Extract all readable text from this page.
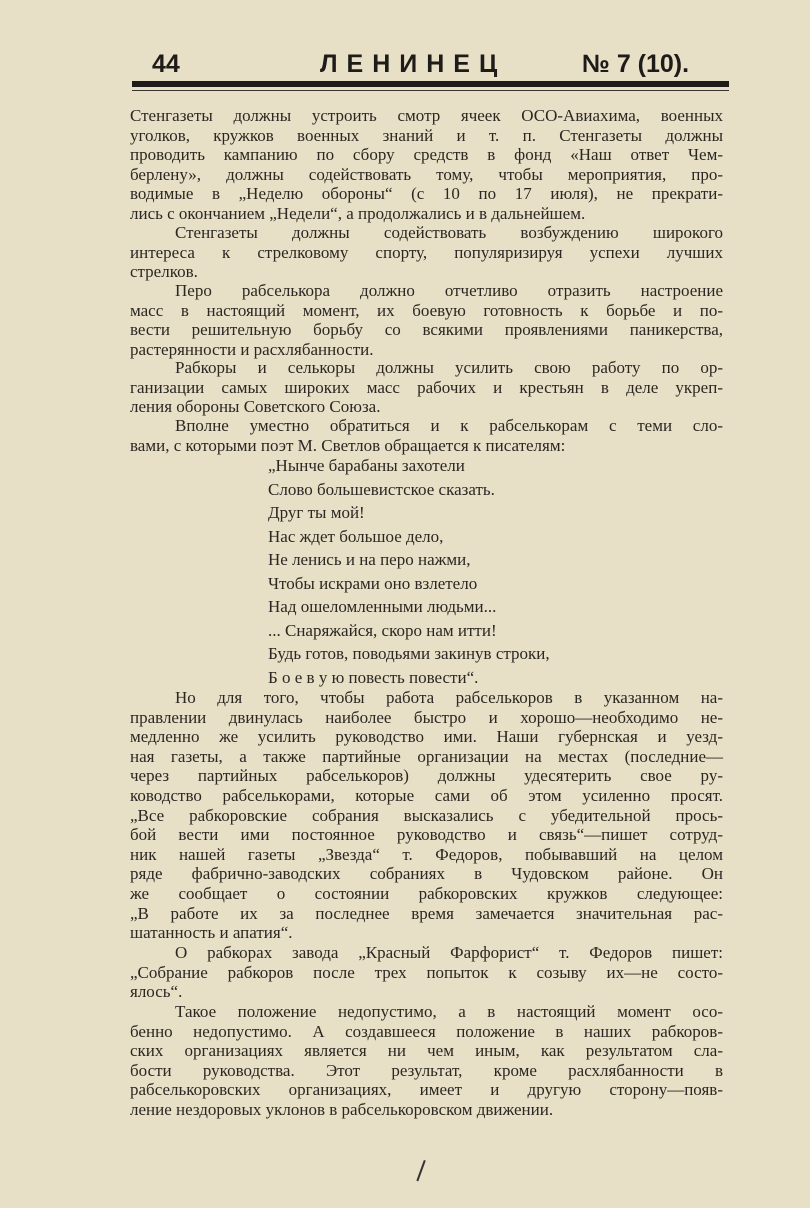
44	ЛЕНИНЕЦ	№ 7 (10).
Стенгазеты должны устроить смотр ячеек ОСО-Авиахима, военных
уголков, кружков военных знаний и т. п. Стенгазеты должны
проводить кампанию по сбору средств в фонд «Наш ответ Чем-
берлену», должны содействовать тому, чтобы мероприятия, про-
водимые в „Неделю обороны“ (с 10 по 17 июля), не прекрати-
лись с окончанием „Недели“, а продолжались и в дальнейшем.
Стенгазеты должны содействовать возбуждению широкого
интереса к стрелковому спорту, популяризируя успехи лучших
стрелков.
Перо рабселькора должно отчетливо отразить настроение
масс в настоящий момент, их боевую готовность к борьбе и по-
вести решительную борьбу со всякими проявлениями паникерства,
растерянности и расхлябанности.
Рабкоры и селькоры должны усилить свою работу по ор-
ганизации самых широких масс рабочих и крестьян в деле укреп-
ления обороны Советского Союза.
Вполне уместно обратиться и к рабселькорам с теми сло-
вами, с которыми поэт М. Светлов обращается к писателям:
„Нынче барабаны захотели
Слово большевистское сказать.
Друг ты мой!
Нас ждет большое дело,
Не ленись и на перо нажми,
Чтобы искрами оно взлетело
Над ошеломленными людьми...
... Снаряжайся, скоро нам итти!
Будь готов, поводьями закинув строки,
Б о е в у ю повесть повести“.
Но для того, чтобы работа рабселькоров в указанном на-
правлении двинулась наиболее быстро и хорошо—необходимо не-
медленно же усилить руководство ими. Наши губернская и уезд-
ная газеты, а также партийные организации на местах (последние—
через партийных рабселькоров) должны удесятерить свое ру-
ководство рабселькорами, которые сами об этом усиленно просят.
„Все рабкоровские собрания высказались с убедительной прось-
бой вести ими постоянное руководство и связь“—пишет сотруд-
ник нашей газеты „Звезда“ т. Федоров, побывавший на целом
ряде фабрично-заводских собраниях в Чудовском районе. Он
же сообщает о состоянии рабкоровских кружков следующее:
„В работе их за последнее время замечается значительная рас-
шатанность и апатия“.
О рабкорах завода „Красный Фарфорист“ т. Федоров пишет:
„Собрание рабкоров после трех попыток к созыву их—не состо-
ялось“.
Такое положение недопустимо, а в настоящий момент осо-
бенно недопустимо. А создавшееся положение в наших рабкоров-
ских организациях является ни чем иным, как результатом сла-
бости руководства. Этот результат, кроме расхлябанности в
рабселькоровских организациях, имеет и другую сторону—появ-
ление нездоровых уклонов в рабселькоровском движении.
